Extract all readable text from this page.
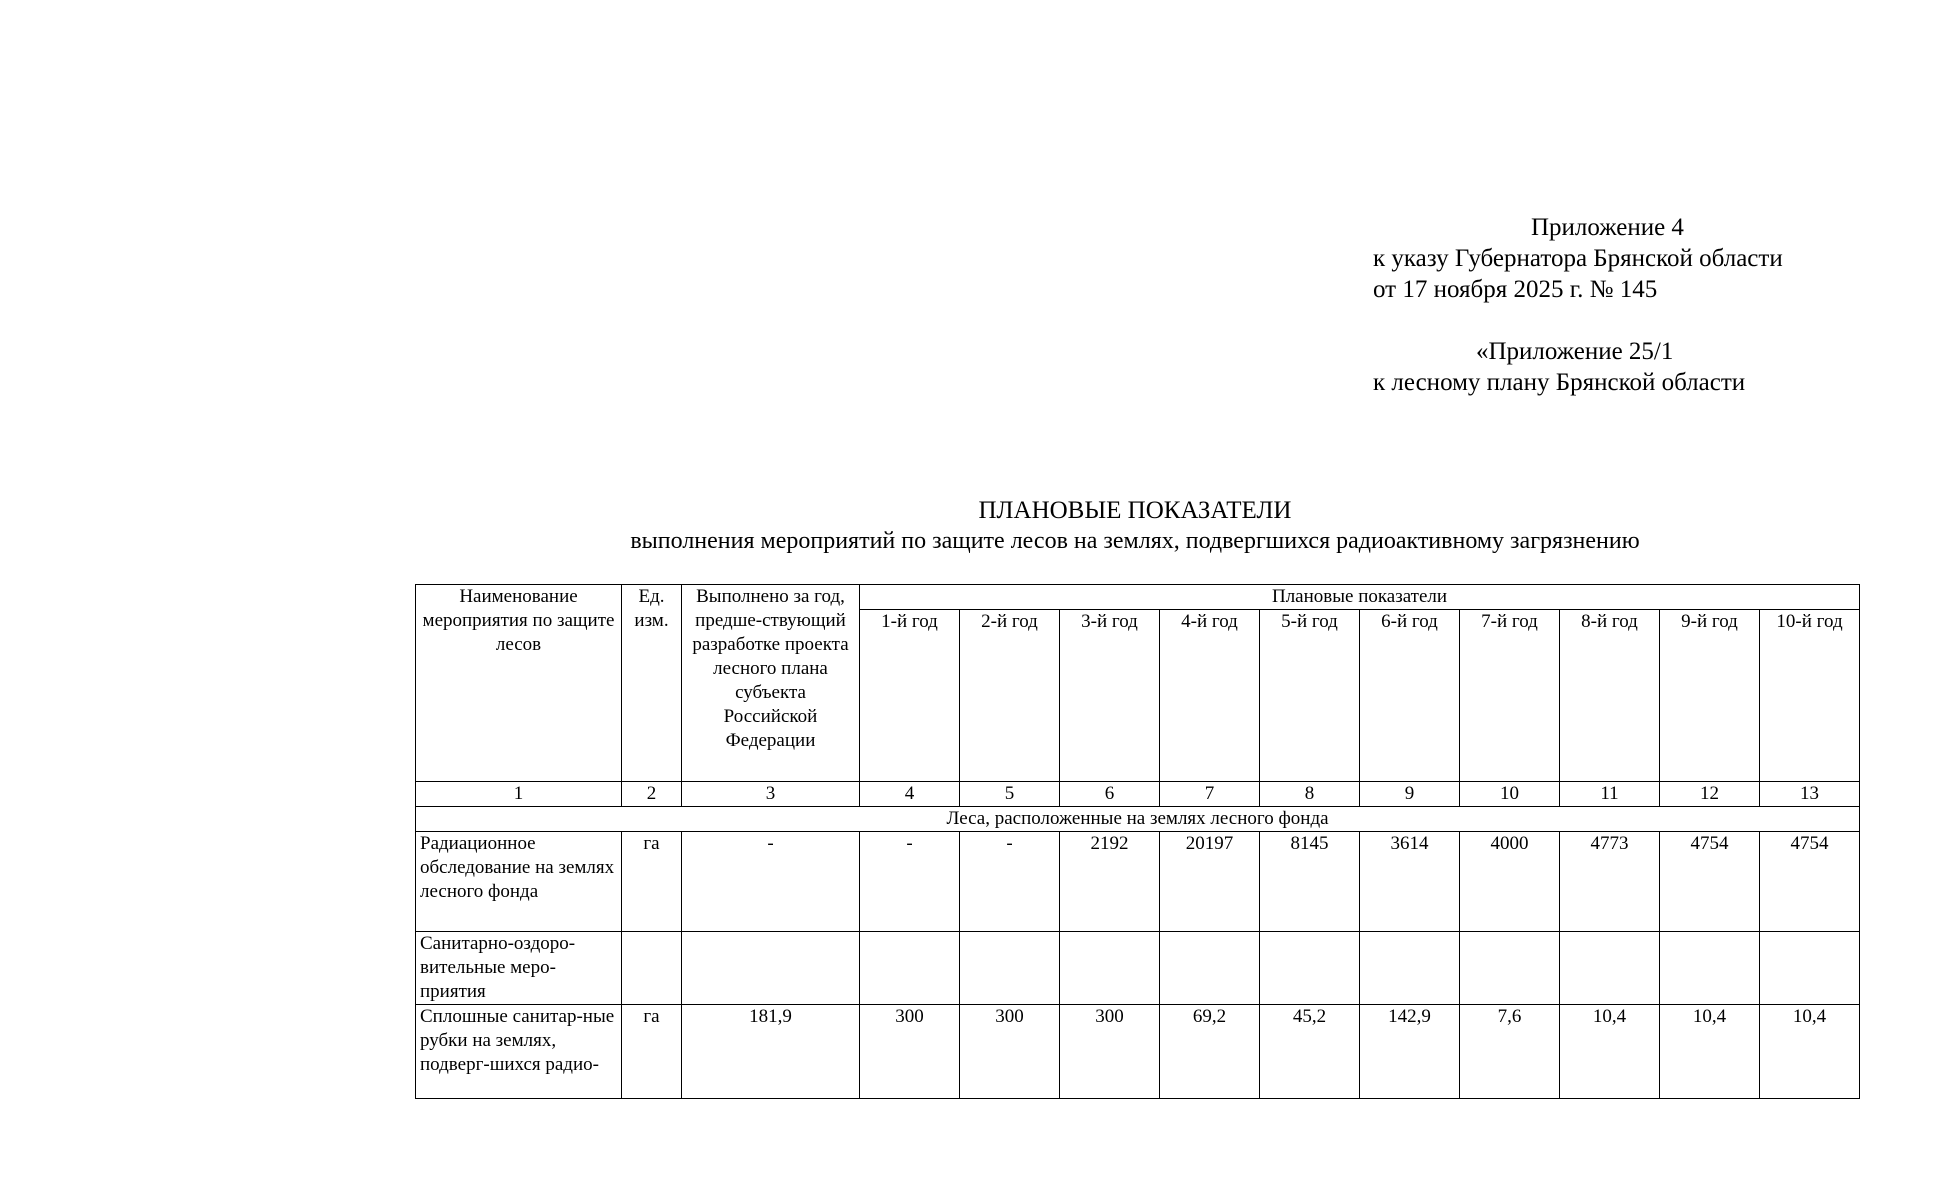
Приложение 4
к указу Губернатора Брянской области
от 17 ноября 2025 г. № 145
«Приложение 25/1
к лесному плану Брянской области
ПЛАНОВЫЕ ПОКАЗАТЕЛИ
выполнения мероприятий по защите лесов на землях, подвергшихся радиоактивному загрязнению
Наименование мероприятия по защите лесов	Ед. изм.	Выполнено за год, предше-ствующий разработке проекта лесного плана субъекта Российской Федерации	Плановые показатели									
			1-й год	2-й год	3-й год	4-й год	5-й год	6-й год	7-й год	8-й год	9-й год	10-й год
1	2	3	4	5	6	7	8	9	10	11	12	13
Леса, расположенные на землях лесного фонда												
Радиационное обследование на землях лесного фонда	га	-	-	-	2192	20197	8145	3614	4000	4773	4754	4754
Санитарно-оздоро-вительные меро-приятия												
Сплошные санитар-ные рубки на землях, подверг-шихся радио-	га	181,9	300	300	300	69,2	45,2	142,9	7,6	10,4	10,4	10,4
